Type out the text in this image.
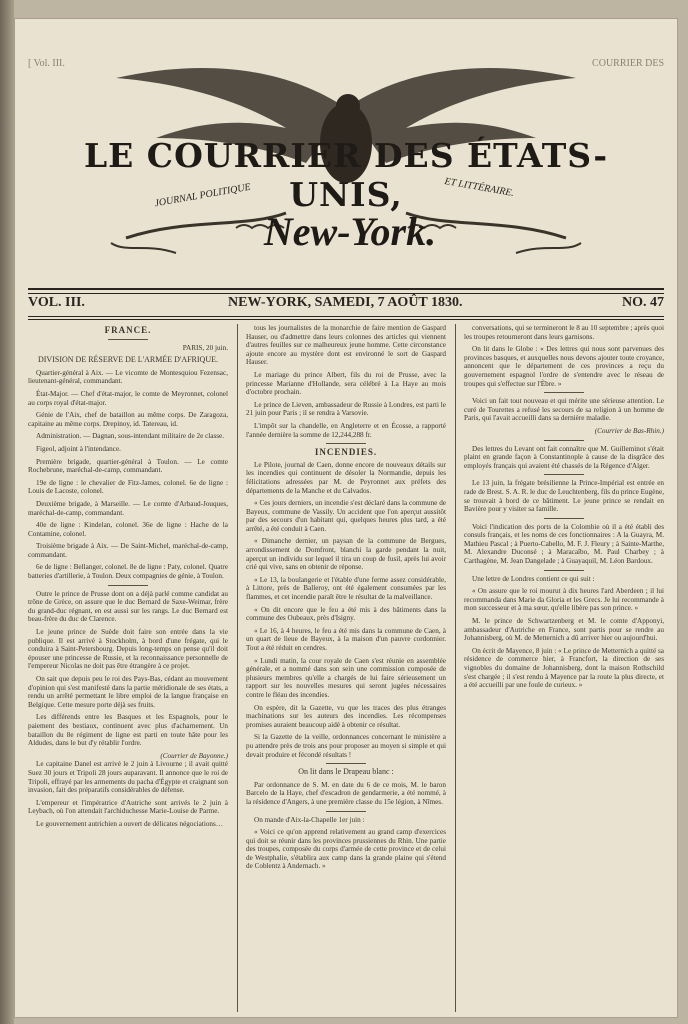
[ Vol. III.	COURRIER DES
LE COURRIER DES ÉTATS-UNIS,
JOURNAL POLITIQUE	ET LITTÉRAIRE.
New-York.
VOL. III.	NEW-YORK, SAMEDI, 7 AOÛT 1830.	NO. 47
FRANCE.
PARIS, 20 juin.
DIVISION DE RÉSERVE DE L'ARMÉE D'AFRIQUE.

Quartier-général à Aix. — Le vicomte de Montesquiou Fezensac, lieutenant-général, commandant.

État-Major. — Chef d'état-major, le comte de Meyronnet, colonel au corps royal d'état-major.

Génie de l'Aix, chef de bataillon au même corps. De Zaragoza, capitaine au même corps. Drepinoy, id. Tatereau, id.

Administration. — Dagnan, sous-intendant militaire de 2e classe.

Figeol, adjoint à l'intendance.

Première brigade, quartier-général à Toulon. — Le comte Rochebrune, maréchal-de-camp, commandant.

19e de ligne : le chevalier de Fitz-James, colonel. 6e de ligne : Louis de Lacoste, colonel.

Deuxième brigade, à Marseille. — Le comte d'Arbaud-Jouques, maréchal-de-camp, commandant.

40e de ligne : Kindelan, colonel. 36e de ligne : Hache de la Contamine, colonel.

Troisième brigade à Aix. — De Saint-Michel, maréchal-de-camp, commandant.

6e de ligne : Bellanger, colonel. 8e de ligne : Paty, colonel. Quatre batteries d'artillerie, à Toulon. Deux compagnies de génie, à Toulon.

Outre le prince de Prusse dont on a déjà parlé comme candidat au trône de Grèce, on assure que le duc Bernard de Saxe-Weimar, frère du grand-duc régnant, en est aussi sur les rangs. Le duc Bernard est beau-frère du duc de Clarence.

Le jeune prince de Suède doit faire son entrée dans la vie publique. Il est arrivé à Stockholm, à bord d'une frégate, qui le conduira à Saint-Petersbourg. Depuis long-temps on pense qu'il doit épouser une princesse de Russie, et la reconnaissance personnelle de l'empereur Nicolas ne doit pas être étrangère à ce projet.

On sait que depuis peu le roi des Pays-Bas, cédant au mouvement d'opinion qui s'est manifesté dans la partie méridionale de ses états, a rendu un arrêté permettant le libre emploi de la langue française en Belgique. Cette mesure porte déjà ses fruits.

Les différends entre les Basques et les Espagnols, pour le paiement des bestiaux, continuent avec plus d'acharnement. Un bataillon du 8e régiment de ligne est parti en toute hâte pour les Aldudes, dans le but d'y rétablir l'ordre.

(Courrier de Bayonne.)

Le capitaine Danel est arrivé le 2 juin à Livourne ; il avait quitté Suez 30 jours et Tripoli 28 jours auparavant. Il annonce que le roi de Tripoli, effrayé par les armements du pacha d'Égypte et craignant son invasion, fait des préparatifs considérables de défense.

L'empereur et l'impératrice d'Autriche sont arrivés le 2 juin à Leybach, où l'on attendait l'archiduchesse Marie-Louise de Parme.

Le gouvernement autrichien a ouvert de délicates négociations…

tous les journalistes de la monarchie de faire mention de Gaspard Hauser, ou d'admettre dans leurs colonnes des articles qui viennent d'autres feuilles sur ce malheureux jeune homme. Cette circonstance ajoute encore au mystère dont est environné le sort de Gaspard Hauser.

Le mariage du prince Albert, fils du roi de Prusse, avec la princesse Marianne d'Hollande, sera célébré à La Haye au mois d'octobre prochain.

Le prince de Lieven, ambassadeur de Russie à Londres, est parti le 21 juin pour Paris ; il se rendra à Varsovie.

L'impôt sur la chandelle, en Angleterre et en Écosse, a rapporté l'année dernière la somme de 12,244,288 fr.

INCENDIES.

Le Pilote, journal de Caen, donne encore de nouveaux détails sur les incendies qui continuent de désoler la Normandie, depuis les félicitations adressées par M. de Peyronnet aux préfets des départements de la Manche et du Calvados.

« Ces jours derniers, un incendie s'est déclaré dans la commune de Bayeux, commune de Vassily. Un accident que l'on aperçut aussitôt par des secours d'un habitant qui, quelques heures plus tard, a été arrêté, a été conduit à Caen.

« Dimanche dernier, un paysan de la commune de Bergues, arrondissement de Domfront, blanchi la garde pendant la nuit, aperçut un individu sur lequel il tira un coup de fusil, après lui avoir crié qui vive, sans en obtenir de réponse.

« Le 13, la boulangerie et l'étable d'une ferme assez considérable, à Littore, près de Balleroy, ont été également consumées par les flammes, et cet incendie paraît être le résultat de la malveillance.

« On dit encore que le feu a été mis à des bâtiments dans la commune des Oubeaux, près d'Isigny.

« Le 16, à 4 heures, le feu a été mis dans la commune de Caen, à un quart de lieue de Bayeux, à la maison d'un pauvre cordonnier. Tout a été réduit en cendres.

« Lundi matin, la cour royale de Caen s'est réunie en assemblée générale, et a nommé dans son sein une commission composée de plusieurs membres qu'elle a chargés de lui faire sérieusement un rapport sur les nouvelles mesures qui seront jugées nécessaires contre le fléau des incendies.

On espère, dit la Gazette, vu que les traces des plus étranges machinations sur les auteurs des incendies. Les récompenses promises auraient beaucoup aidé à obtenir ce résultat.

Si la Gazette de la veille, ordonnances concernant le ministère a pu attendre près de trois ans pour proposer au moyen si simple et qui devait produire et fécondé résultats !

On lit dans le Drapeau blanc :

Par ordonnance de S. M. en date du 6 de ce mois, M. le baron Barcelo de la Haye, chef d'escadron de gendarmerie, a été nommé, à la résidence d'Angers, à une première classe du 15e légion, à Nîmes.

On mande d'Aix-la-Chapelle 1er juin :

« Voici ce qu'on apprend relativement au grand camp d'exercices qui doit se réunir dans les provinces prussiennes du Rhin. Une partie des troupes, composée du corps d'armée de cette province et de celui de Westphalie, s'établira aux camp dans la grande plaine qui s'étend de Coblentz à Andernach. »

conversations, qui se termineront le 8 au 10 septembre ; après quoi les troupes retourneront dans leurs garnisons.

On lit dans le Globe : « Des lettres qui nous sont parvenues des provinces basques, et auxquelles nous devons ajouter toute croyance, annoncent que le département de ces provinces a reçu du gouvernement espagnol l'ordre de s'entendre avec le réseau de troupes qui s'effectue sur l'Èbre. »

Voici un fait tout nouveau et qui mérite une sérieuse attention. Le curé de Tourettes a refusé les secours de sa religion à un homme de Paris, qui l'avait accueilli dans sa dernière maladie.

(Courrier de Bas-Rhin.)

Des lettres du Levant ont fait connaître que M. Guilleminot s'était plaint en grande façon à Constantinople à cause de la disgrâce des employés français qui avaient été chassés de la Régence d'Alger.

Le 13 juin, la frégate brésilienne la Prince-Impérial est entrée en rade de Brest. S. A. R. le duc de Leuchtenberg, fils du prince Eugène, se trouvait à bord de ce bâtiment. Le jeune prince se rendait en Bavière pour y visiter sa famille.

Voici l'indication des ports de la Colombie où il a été établi des consuls français, et les noms de ces fonctionnaires : A la Guayra, M. Mathieu Pascal ; à Puerto-Cabello, M. F. J. Fleury ; à Sainte-Marthe, M. Alexandre Duconsé ; à Maracaïbo, M. Paul Charbey ; à Carthagène, M. Jean Dangelade ; à Guayaquil, M. Léon Bardoux.

Une lettre de Londres contient ce qui suit :

« On assure que le roi mourut à dix heures l'ard Aberdeen ; il lui recommanda dans Marie da Gloria et les Grecs. Je lui recommande à mon successeur et à ma sœur, qu'elle libère pas son prince. »

M. le prince de Schwartzenberg et M. le comte d'Apponyi, ambassadeur d'Autriche en France, sont partis pour se rendre au Johannisberg, où M. de Metternich a dû arriver hier ou aujourd'hui.

On écrit de Mayence, 8 juin : « Le prince de Metternich a quitté sa résidence de commerce hier, à Francfort, la direction de ses vignobles du domaine de Johannisberg, dont la maison Rothschild s'est chargée ; il s'est rendu à Mayence par la route la plus directe, et a été accueilli par une foule de curieux. »
